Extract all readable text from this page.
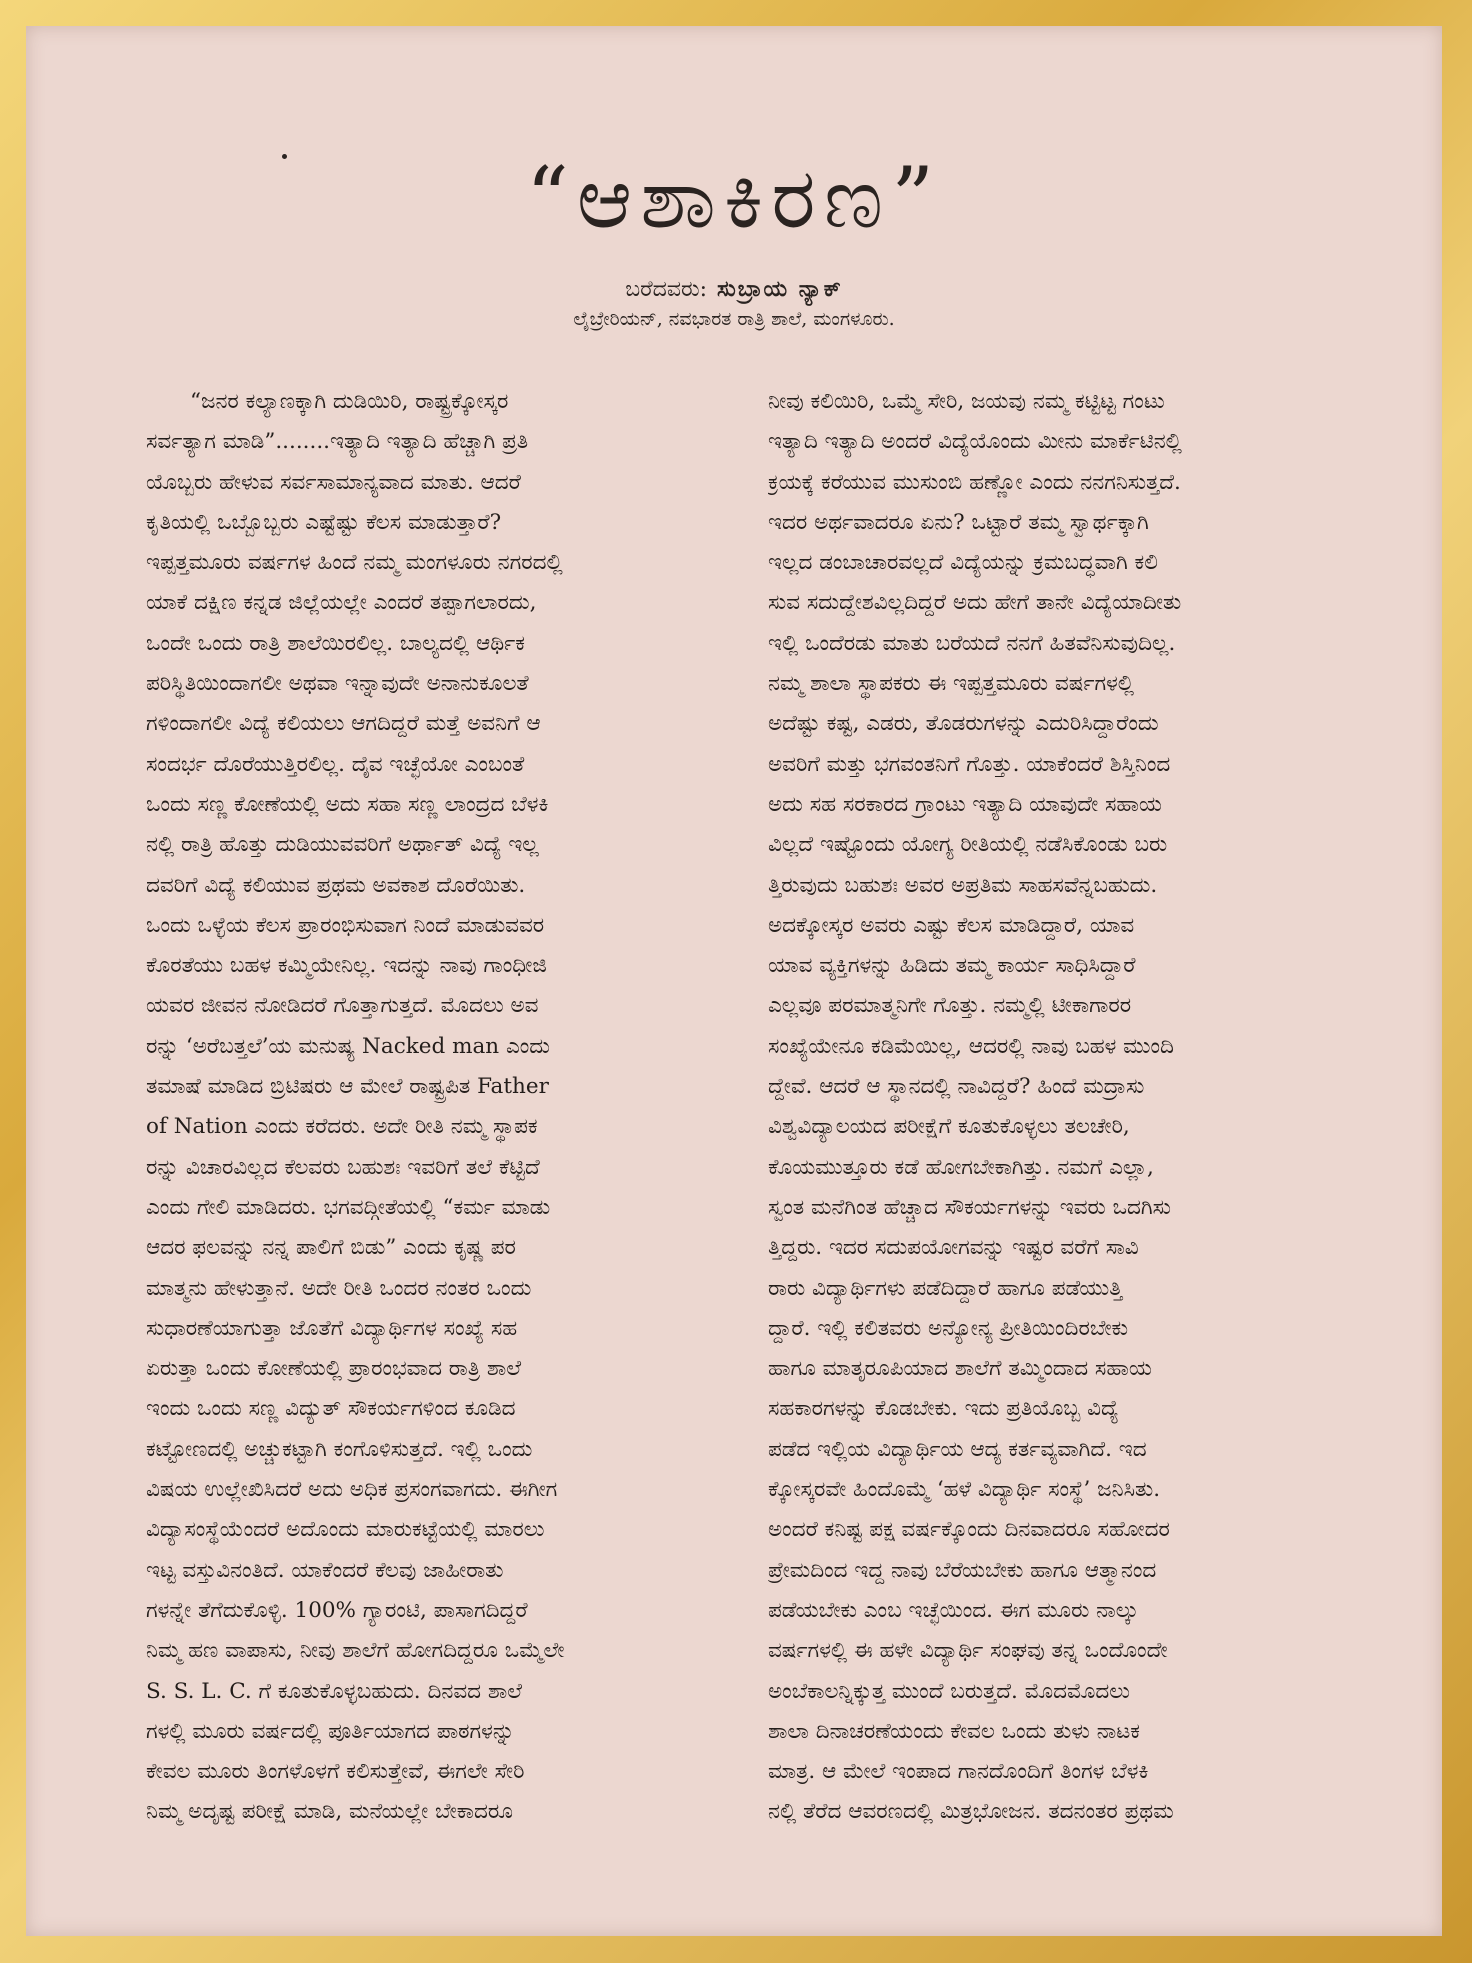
“ಆಶಾಕಿರಣ”
ಬರೆದವರು: ಸುಬ್ರಾಯ ನ್ಯಾಕ್
ಲೈಬ್ರೇರಿಯನ್, ನವಭಾರತ ರಾತ್ರಿ ಶಾಲೆ, ಮಂಗಳೂರು.
“ಜನರ ಕಲ್ಯಾಣಕ್ಕಾಗಿ ದುಡಿಯಿರಿ, ರಾಷ್ಟ್ರಕ್ಕೋಸ್ಕರ
ಸರ್ವತ್ಯಾಗ ಮಾಡಿ”........ಇತ್ಯಾದಿ ಇತ್ಯಾದಿ ಹೆಚ್ಚಾಗಿ ಪ್ರತಿ
ಯೊಬ್ಬರು ಹೇಳುವ ಸರ್ವಸಾಮಾನ್ಯವಾದ ಮಾತು. ಆದರೆ
ಕೃತಿಯಲ್ಲಿ ಒಬ್ಬೊಬ್ಬರು ಎಷ್ಟೆಷ್ಟು ಕೆಲಸ ಮಾಡುತ್ತಾರೆ?
ಇಪ್ಪತ್ತಮೂರು ವರ್ಷಗಳ ಹಿಂದೆ ನಮ್ಮ ಮಂಗಳೂರು ನಗರದಲ್ಲಿ
ಯಾಕೆ ದಕ್ಷಿಣ ಕನ್ನಡ ಜಿಲ್ಲೆಯಲ್ಲೇ ಎಂದರೆ ತಪ್ಪಾಗಲಾರದು,
ಒಂದೇ ಒಂದು ರಾತ್ರಿ ಶಾಲೆಯಿರಲಿಲ್ಲ. ಬಾಲ್ಯದಲ್ಲಿ ಆರ್ಥಿಕ
ಪರಿಸ್ಥಿತಿಯಿಂದಾಗಲೀ ಅಥವಾ ಇನ್ನಾವುದೇ ಅನಾನುಕೂಲತೆ
ಗಳಿಂದಾಗಲೀ ವಿದ್ಯೆ ಕಲಿಯಲು ಆಗದಿದ್ದರೆ ಮತ್ತೆ ಅವನಿಗೆ ಆ
ಸಂದರ್ಭ ದೊರೆಯುತ್ತಿರಲಿಲ್ಲ. ದೈವ ಇಚ್ಛೆಯೋ ಎಂಬಂತೆ
ಒಂದು ಸಣ್ಣ ಕೋಣೆಯಲ್ಲಿ ಅದು ಸಹಾ ಸಣ್ಣ ಲಾಂದ್ರದ ಬೆಳಕಿ
ನಲ್ಲಿ ರಾತ್ರಿ ಹೊತ್ತು ದುಡಿಯುವವರಿಗೆ ಅರ್ಥಾತ್ ವಿದ್ಯೆ ಇಲ್ಲ
ದವರಿಗೆ ವಿದ್ಯೆ ಕಲಿಯುವ ಪ್ರಥಮ ಅವಕಾಶ ದೊರೆಯಿತು.
ಒಂದು ಒಳ್ಳೆಯ ಕೆಲಸ ಪ್ರಾರಂಭಿಸುವಾಗ ನಿಂದೆ ಮಾಡುವವರ
ಕೊರತೆಯು ಬಹಳ ಕಮ್ಮಿಯೇನಿಲ್ಲ. ಇದನ್ನು ನಾವು ಗಾಂಧೀಜಿ
ಯವರ ಜೀವನ ನೋಡಿದರೆ ಗೊತ್ತಾಗುತ್ತದೆ. ಮೊದಲು ಅವ
ರನ್ನು ‘ಅರೆಬತ್ತಲೆ’ಯ ಮನುಷ್ಯ Nacked man ಎಂದು
ತಮಾಷೆ ಮಾಡಿದ ಬ್ರಿಟಿಷರು ಆ ಮೇಲೆ ರಾಷ್ಟ್ರಪಿತ Father
of Nation ಎಂದು ಕರೆದರು. ಅದೇ ರೀತಿ ನಮ್ಮ ಸ್ಥಾಪಕ
ರನ್ನು ವಿಚಾರವಿಲ್ಲದ ಕೆಲವರು ಬಹುಶಃ ಇವರಿಗೆ ತಲೆ ಕೆಟ್ಟಿದೆ
ಎಂದು ಗೇಲಿ ಮಾಡಿದರು. ಭಗವದ್ಗೀತೆಯಲ್ಲಿ “ಕರ್ಮ ಮಾಡು
ಆದರ ಫಲವನ್ನು ನನ್ನ ಪಾಲಿಗೆ ಬಿಡು” ಎಂದು ಕೃಷ್ಣ ಪರ
ಮಾತ್ಮನು ಹೇಳುತ್ತಾನೆ. ಅದೇ ರೀತಿ ಒಂದರ ನಂತರ ಒಂದು
ಸುಧಾರಣೆಯಾಗುತ್ತಾ ಜೊತೆಗೆ ವಿದ್ಯಾರ್ಥಿಗಳ ಸಂಖ್ಯೆ ಸಹ
ಏರುತ್ತಾ ಒಂದು ಕೋಣೆಯಲ್ಲಿ ಪ್ರಾರಂಭವಾದ ರಾತ್ರಿ ಶಾಲೆ
ಇಂದು ಒಂದು ಸಣ್ಣ ವಿದ್ಯುತ್ ಸೌಕರ್ಯಗಳಿಂದ ಕೂಡಿದ
ಕಟ್ಟೋಣದಲ್ಲಿ ಅಚ್ಚುಕಟ್ಟಾಗಿ ಕಂಗೊಳಿಸುತ್ತದೆ. ಇಲ್ಲಿ ಒಂದು
ವಿಷಯ ಉಲ್ಲೇಖಿಸಿದರೆ ಅದು ಅಧಿಕ ಪ್ರಸಂಗವಾಗದು. ಈಗೀಗ
ವಿದ್ಯಾಸಂಸ್ಥೆಯೆಂದರೆ ಅದೊಂದು ಮಾರುಕಟ್ಟೆಯಲ್ಲಿ ಮಾರಲು
ಇಟ್ಟ ವಸ್ತುವಿನಂತಿದೆ. ಯಾಕೆಂದರೆ ಕೆಲವು ಜಾಹೀರಾತು
ಗಳನ್ನೇ ತೆಗೆದುಕೊಳ್ಳಿ. 100% ಗ್ಯಾರಂಟಿ, ಪಾಸಾಗದಿದ್ದರೆ
ನಿಮ್ಮ ಹಣ ವಾಪಾಸು, ನೀವು ಶಾಲೆಗೆ ಹೋಗದಿದ್ದರೂ ಒಮ್ಮೆಲೇ
S. S. L. C. ಗೆ ಕೂತುಕೊಳ್ಳಬಹುದು. ದಿನವದ ಶಾಲೆ
ಗಳಲ್ಲಿ ಮೂರು ವರ್ಷದಲ್ಲಿ ಪೂರ್ತಿಯಾಗದ ಪಾಠಗಳನ್ನು
ಕೇವಲ ಮೂರು ತಿಂಗಳೊಳಗೆ ಕಲಿಸುತ್ತೇವೆ, ಈಗಲೇ ಸೇರಿ
ನಿಮ್ಮ ಅದೃಷ್ಟ ಪರೀಕ್ಷೆ ಮಾಡಿ, ಮನೆಯಲ್ಲೇ ಬೇಕಾದರೂ
ನೀವು ಕಲಿಯಿರಿ, ಒಮ್ಮೆ ಸೇರಿ, ಜಯವು ನಮ್ಮ ಕಟ್ಟಿಟ್ಟ ಗಂಟು
ಇತ್ಯಾದಿ ಇತ್ಯಾದಿ ಅಂದರೆ ವಿದ್ಯೆಯೊಂದು ಮೀನು ಮಾರ್ಕೆಟಿನಲ್ಲಿ
ಕ್ರಯಕ್ಕೆ ಕರೆಯುವ ಮುಸುಂಬಿ ಹಣ್ಣೋ ಎಂದು ನನಗನಿಸುತ್ತದೆ.
ಇದರ ಅರ್ಥವಾದರೂ ಏನು? ಒಟ್ಟಾರೆ ತಮ್ಮ ಸ್ವಾರ್ಥಕ್ಕಾಗಿ
ಇಲ್ಲದ ಡಂಬಾಚಾರವಲ್ಲದೆ ವಿದ್ಯೆಯನ್ನು ಕ್ರಮಬದ್ಧವಾಗಿ ಕಲಿ
ಸುವ ಸದುದ್ದೇಶವಿಲ್ಲದಿದ್ದರೆ ಅದು ಹೇಗೆ ತಾನೇ ವಿದ್ಯೆಯಾದೀತು
ಇಲ್ಲಿ ಒಂದೆರಡು ಮಾತು ಬರೆಯದೆ ನನಗೆ ಹಿತವೆನಿಸುವುದಿಲ್ಲ.
ನಮ್ಮ ಶಾಲಾ ಸ್ಥಾಪಕರು ಈ ಇಪ್ಪತ್ತಮೂರು ವರ್ಷಗಳಲ್ಲಿ
ಅದೆಷ್ಟು ಕಷ್ಟ, ಎಡರು, ತೊಡರುಗಳನ್ನು ಎದುರಿಸಿದ್ದಾರೆಂದು
ಅವರಿಗೆ ಮತ್ತು ಭಗವಂತನಿಗೆ ಗೊತ್ತು. ಯಾಕೆಂದರೆ ಶಿಸ್ತಿನಿಂದ
ಅದು ಸಹ ಸರಕಾರದ ಗ್ರಾಂಟು ಇತ್ಯಾದಿ ಯಾವುದೇ ಸಹಾಯ
ವಿಲ್ಲದೆ ಇಷ್ಟೊಂದು ಯೋಗ್ಯ ರೀತಿಯಲ್ಲಿ ನಡೆಸಿಕೊಂಡು ಬರು
ತ್ತಿರುವುದು ಬಹುಶಃ ಅವರ ಅಪ್ರತಿಮ ಸಾಹಸವೆನ್ನಬಹುದು.
ಅದಕ್ಕೋಸ್ಕರ ಅವರು ಎಷ್ಟು ಕೆಲಸ ಮಾಡಿದ್ದಾರೆ, ಯಾವ
ಯಾವ ವ್ಯಕ್ತಿಗಳನ್ನು ಹಿಡಿದು ತಮ್ಮ ಕಾರ್ಯ ಸಾಧಿಸಿದ್ದಾರೆ
ಎಲ್ಲವೂ ಪರಮಾತ್ಮನಿಗೇ ಗೊತ್ತು. ನಮ್ಮಲ್ಲಿ ಟೀಕಾಗಾರರ
ಸಂಖ್ಯೆಯೇನೂ ಕಡಿಮೆಯಿಲ್ಲ, ಆದರಲ್ಲಿ ನಾವು ಬಹಳ ಮುಂದಿ
ದ್ದೇವೆ. ಆದರೆ ಆ ಸ್ಥಾನದಲ್ಲಿ ನಾವಿದ್ದರೆ? ಹಿಂದೆ ಮದ್ರಾಸು
ವಿಶ್ವವಿದ್ಯಾಲಯದ ಪರೀಕ್ಷೆಗೆ ಕೂತುಕೊಳ್ಳಲು ತಲಚೇರಿ,
ಕೊಯಮುತ್ತೂರು ಕಡೆ ಹೋಗಬೇಕಾಗಿತ್ತು. ನಮಗೆ ಎಲ್ಲಾ,
ಸ್ವಂತ ಮನೆಗಿಂತ ಹೆಚ್ಚಾದ ಸೌಕರ್ಯಗಳನ್ನು ಇವರು ಒದಗಿಸು
ತ್ತಿದ್ದರು. ಇದರ ಸದುಪಯೋಗವನ್ನು ಇಷ್ಟರ ವರೆಗೆ ಸಾವಿ
ರಾರು ವಿದ್ಯಾರ್ಥಿಗಳು ಪಡೆದಿದ್ದಾರೆ ಹಾಗೂ ಪಡೆಯುತ್ತಿ
ದ್ದಾರೆ. ಇಲ್ಲಿ ಕಲಿತವರು ಅನ್ಯೋನ್ಯ ಪ್ರೀತಿಯಿಂದಿರಬೇಕು
ಹಾಗೂ ಮಾತೃರೂಪಿಯಾದ ಶಾಲೆಗೆ ತಮ್ಮಿಂದಾದ ಸಹಾಯ
ಸಹಕಾರಗಳನ್ನು ಕೊಡಬೇಕು. ಇದು ಪ್ರತಿಯೊಬ್ಬ ವಿದ್ಯೆ
ಪಡೆದ ಇಲ್ಲಿಯ ವಿದ್ಯಾರ್ಥಿಯ ಆದ್ಯ ಕರ್ತವ್ಯವಾಗಿದೆ. ಇದ
ಕ್ಕೋಸ್ಕರವೇ ಹಿಂದೊಮ್ಮೆ ‘ಹಳೆ ವಿದ್ಯಾರ್ಥಿ ಸಂಸ್ಥೆ’ ಜನಿಸಿತು.
ಅಂದರೆ ಕನಿಷ್ಟ ಪಕ್ಷ ವರ್ಷಕ್ಕೊಂದು ದಿನವಾದರೂ ಸಹೋದರ
ಪ್ರೇಮದಿಂದ ಇದ್ದ ನಾವು ಬೆರೆಯಬೇಕು ಹಾಗೂ ಆತ್ಮಾನಂದ
ಪಡೆಯಬೇಕು ಎಂಬ ಇಚ್ಛೆಯಿಂದ. ಈಗ ಮೂರು ನಾಲ್ಕು
ವರ್ಷಗಳಲ್ಲಿ ಈ ಹಳೇ ವಿದ್ಯಾರ್ಥಿ ಸಂಘವು ತನ್ನ ಒಂದೊಂದೇ
ಅಂಬೆಕಾಲನ್ನಿಕ್ಕುತ್ತ ಮುಂದೆ ಬರುತ್ತದೆ. ಮೊದಮೊದಲು
ಶಾಲಾ ದಿನಾಚರಣೆಯಂದು ಕೇವಲ ಒಂದು ತುಳು ನಾಟಕ
ಮಾತ್ರ. ಆ ಮೇಲೆ ಇಂಪಾದ ಗಾನದೊಂದಿಗೆ ತಿಂಗಳ ಬೆಳಕಿ
ನಲ್ಲಿ ತೆರೆದ ಆವರಣದಲ್ಲಿ ಮಿತ್ರಭೋಜನ. ತದನಂತರ ಪ್ರಥಮ
